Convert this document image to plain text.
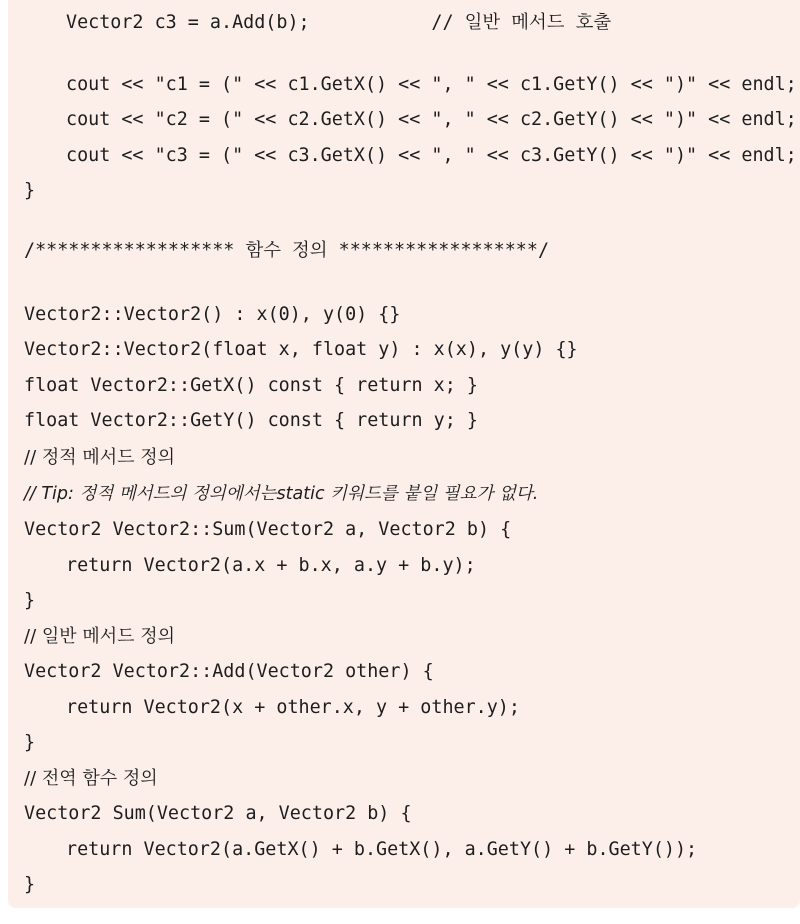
Vector2 c3 = a.Add(b);           // 일반 메서드 호출
cout << "c1 = (" << c1.GetX() << ", " << c1.GetY() << ")" << endl;
cout << "c2 = (" << c2.GetX() << ", " << c2.GetY() << ")" << endl;
cout << "c3 = (" << c3.GetX() << ", " << c3.GetY() << ")" << endl;
}
/****************** 함수 정의 ******************/
Vector2::Vector2() : x(0), y(0) {}
Vector2::Vector2(float x, float y) : x(x), y(y) {}
float Vector2::GetX() const { return x; }
float Vector2::GetY() const { return y; }
// 정적 메서드 정의
// Tip: 정적 메서드의 정의에서는static 키워드를 붙일 필요가 없다.
Vector2 Vector2::Sum(Vector2 a, Vector2 b) {
return Vector2(a.x + b.x, a.y + b.y);
}
// 일반 메서드 정의
Vector2 Vector2::Add(Vector2 other) {
return Vector2(x + other.x, y + other.y);
}
// 전역 함수 정의
Vector2 Sum(Vector2 a, Vector2 b) {
return Vector2(a.GetX() + b.GetX(), a.GetY() + b.GetY());
}
